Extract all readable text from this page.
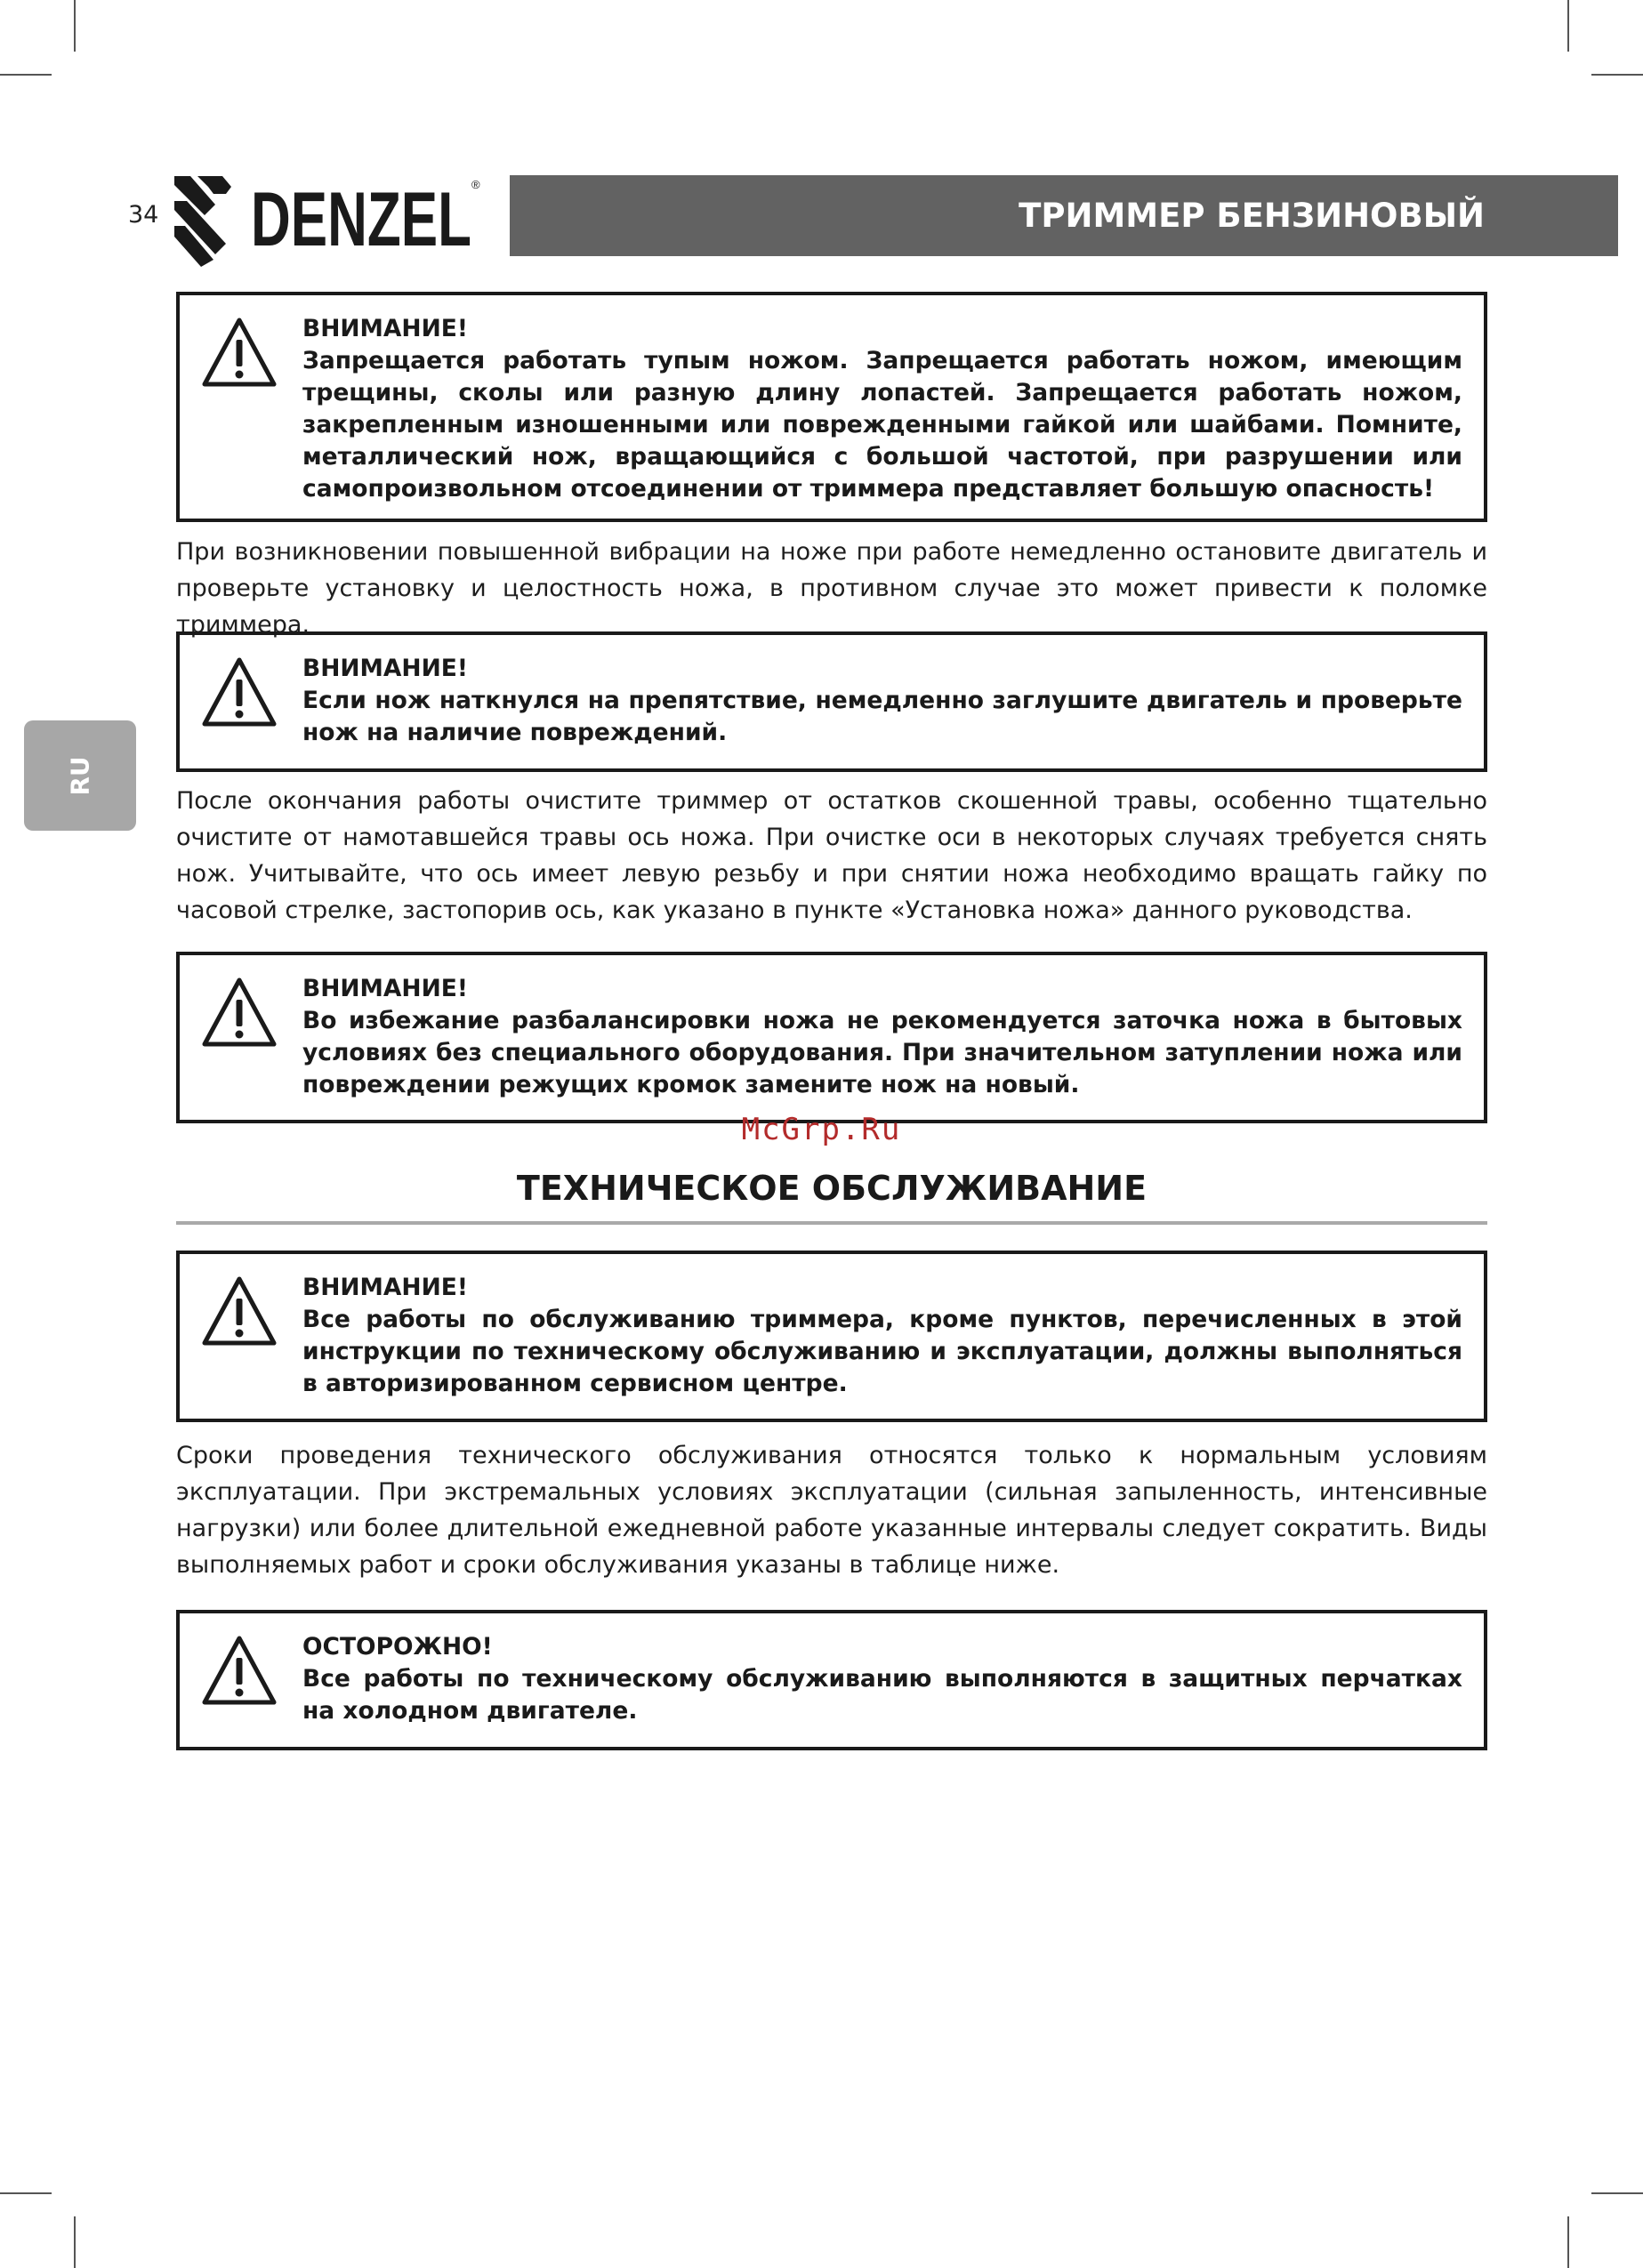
34 DENZEL ®
ТРИММЕР БЕНЗИНОВЫЙ
RU
ВНИМАНИЕ!
Запрещается работать тупым ножом. Запрещается работать ножом, имеющим трещины, сколы или разную длину лопастей. Запрещается работать ножом, закрепленным изношенными или поврежденными гайкой или шайбами. Помните, металлический нож, вращающийся с большой частотой, при разрушении или самопроизвольном отсоединении от триммера представляет большую опасность!
При возникновении повышенной вибрации на ноже при работе немедленно остановите двигатель и проверьте установку и целостность ножа, в противном случае это может привести к поломке триммера.
ВНИМАНИЕ!
Если нож наткнулся на препятствие, немедленно заглушите двигатель и проверьте нож на наличие повреждений.
После окончания работы очистите триммер от остатков скошенной травы, особенно тщательно очистите от намотавшейся травы ось ножа. При очистке оси в некоторых случаях требуется снять нож. Учитывайте, что ось имеет левую резьбу и при снятии ножа необходимо вращать гайку по часовой стрелке, застопорив ось, как указано в пункте «Установка ножа» данного руководства.
ВНИМАНИЕ!
Во избежание разбалансировки ножа не рекомендуется заточка ножа в бытовых условиях без специального оборудования. При значительном затуплении ножа или повреждении режущих кромок замените нож на новый.
McGrp.Ru
ТЕХНИЧЕСКОЕ ОБСЛУЖИВАНИЕ
ВНИМАНИЕ!
Все работы по обслуживанию триммера, кроме пунктов, перечисленных в этой инструкции по техническому обслуживанию и эксплуатации, должны выполняться в авторизированном сервисном центре.
Сроки проведения технического обслуживания относятся только к нормальным условиям эксплуатации. При экстремальных условиях эксплуатации (сильная запыленность, интенсивные нагрузки) или более длительной ежедневной работе указанные интервалы следует сократить. Виды выполняемых работ и сроки обслуживания указаны в таблице ниже.
ОСТОРОЖНО!
Все работы по техническому обслуживанию выполняются в защитных перчатках на холодном двигателе.
